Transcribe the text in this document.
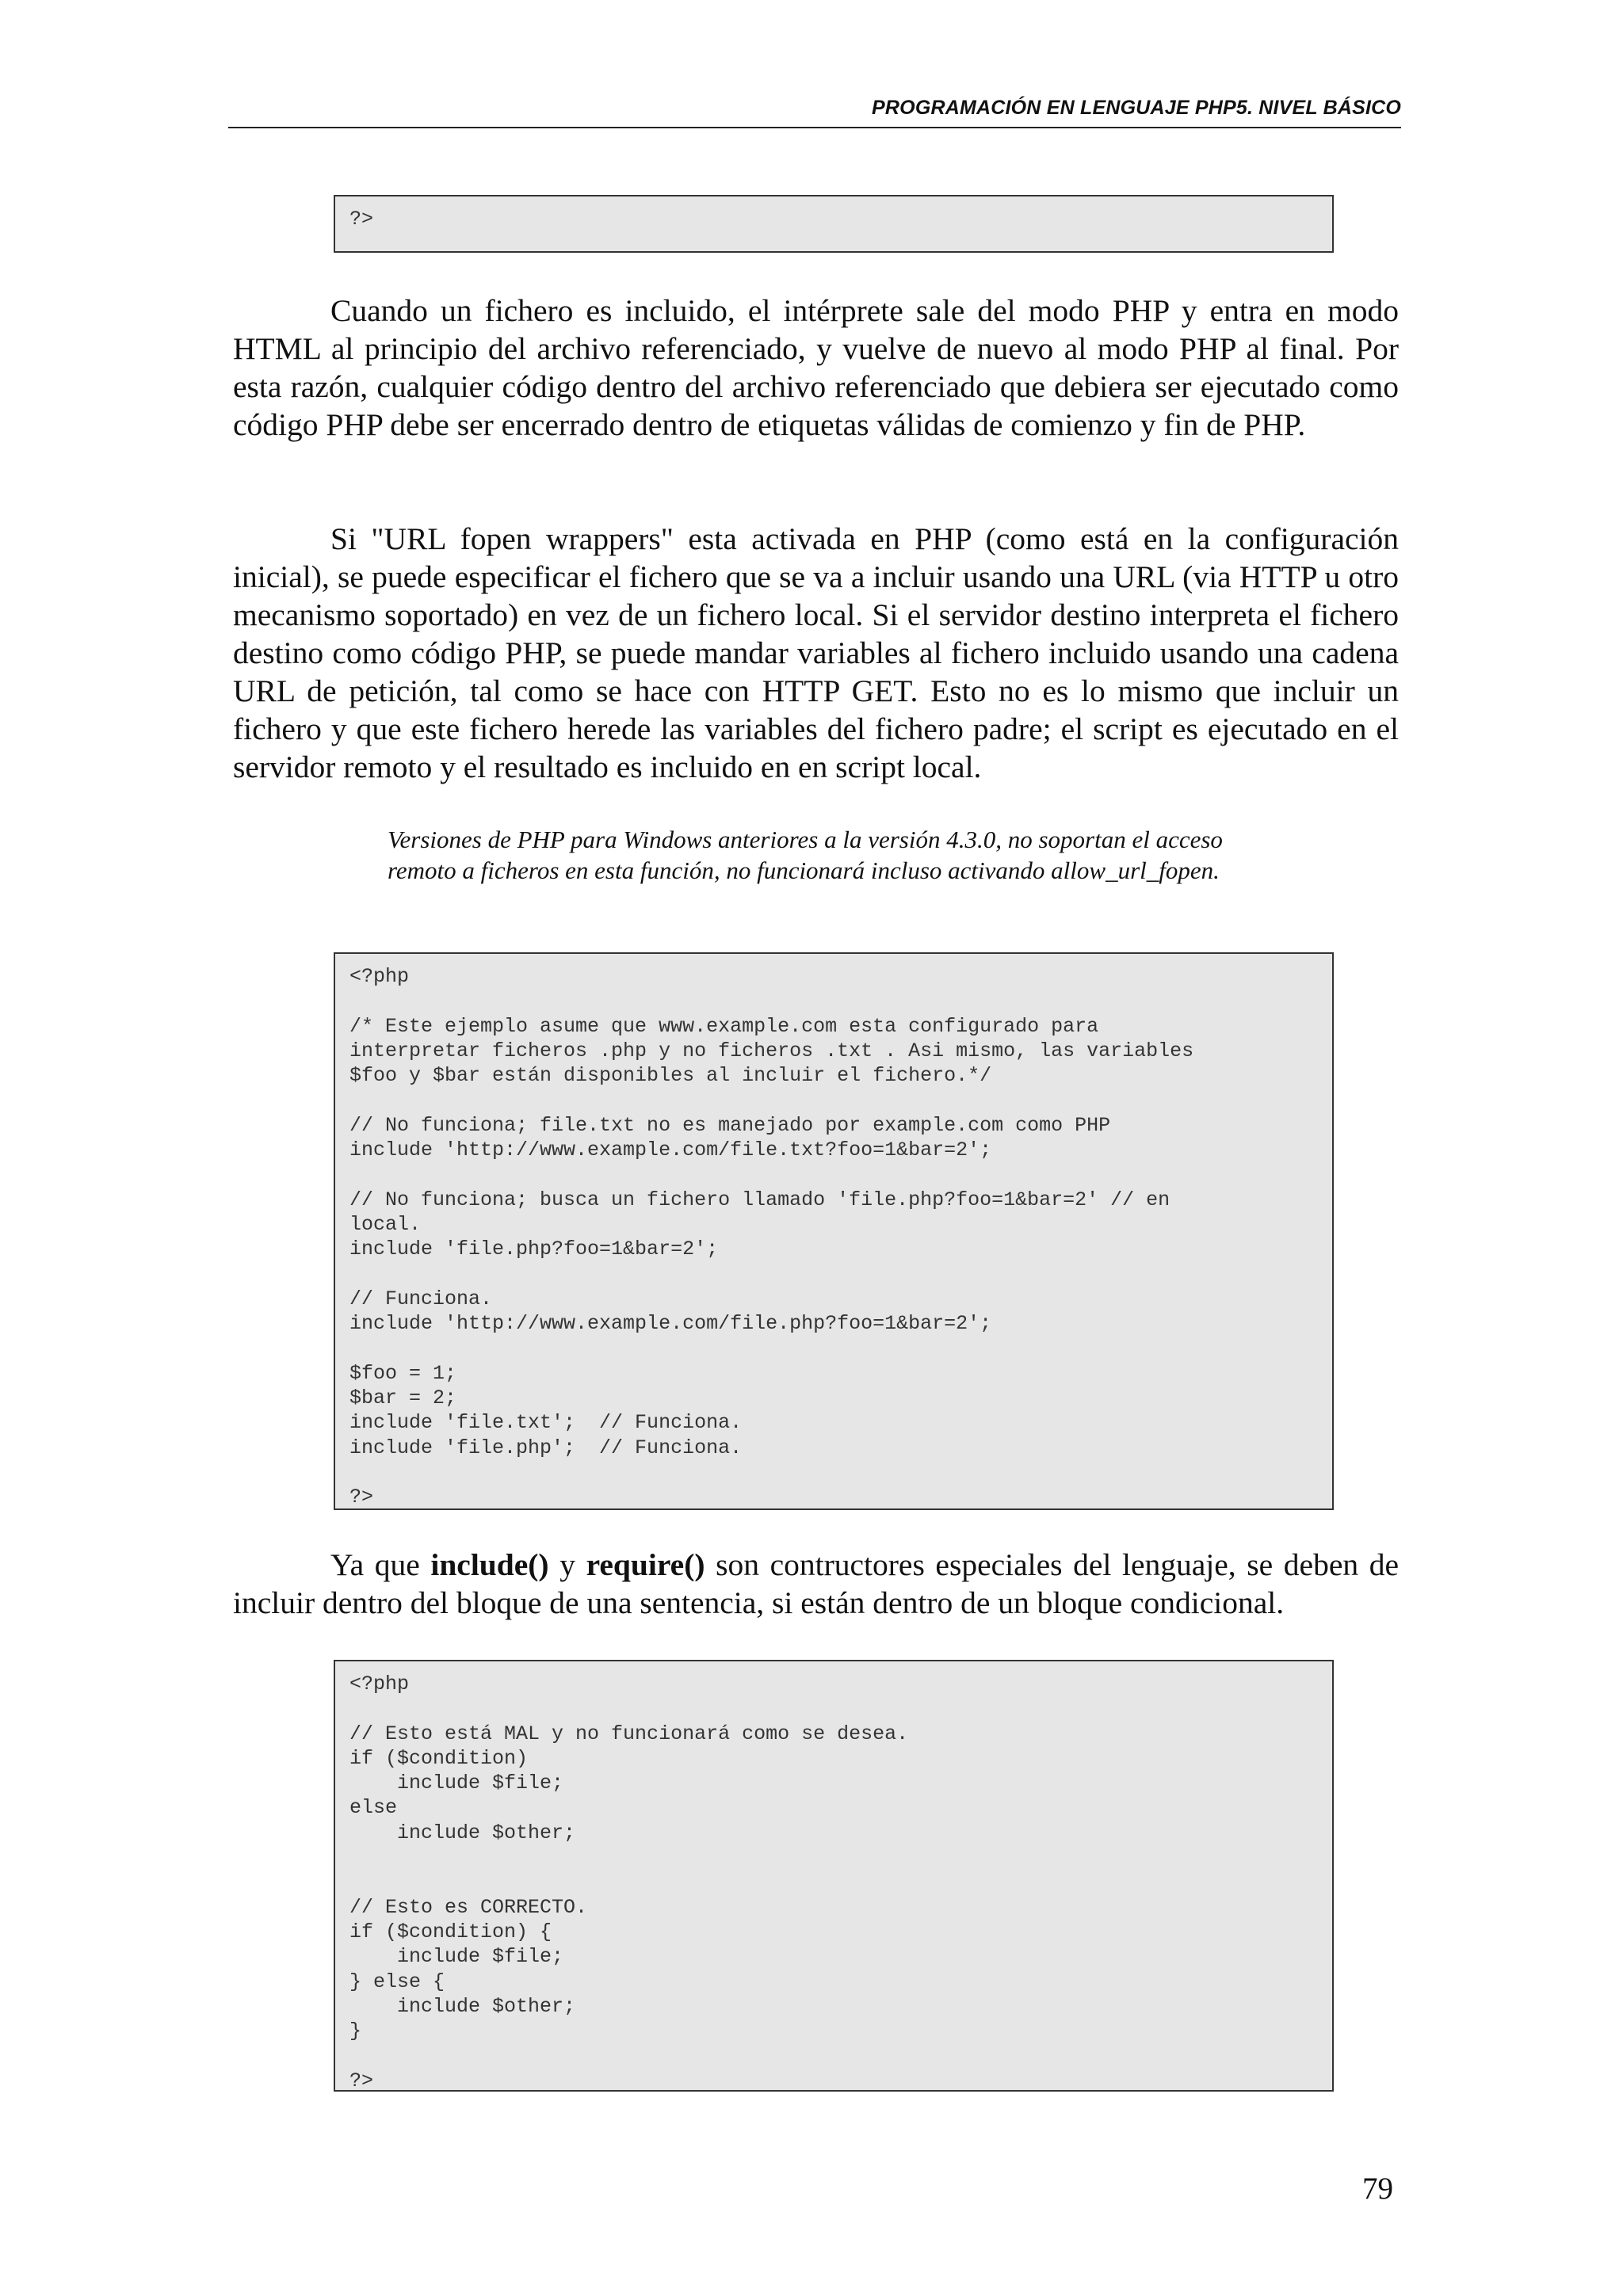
PROGRAMACIÓN EN LENGUAJE PHP5. NIVEL BÁSICO
?>

Cuando un fichero es incluido, el intérprete sale del modo PHP y entra en modo HTML al principio del archivo referenciado, y vuelve de nuevo al modo PHP al final. Por esta razón, cualquier código dentro del archivo referenciado que debiera ser ejecutado como código PHP debe ser encerrado dentro de etiquetas válidas de comienzo y fin de PHP.

Si "URL fopen wrappers" esta activada en PHP (como está en la configuración inicial), se puede especificar el fichero que se va a incluir usando una URL (via HTTP u otro mecanismo soportado) en vez de un fichero local. Si el servidor destino interpreta el fichero destino como código PHP, se puede mandar variables al fichero incluido usando una cadena URL de petición, tal como se hace con HTTP GET. Esto no es lo mismo que incluir un fichero y que este fichero herede las variables del fichero padre; el script es ejecutado en el servidor remoto y el resultado es incluido en en script local.

Versiones de PHP para Windows anteriores a la versión 4.3.0, no soportan el acceso remoto a ficheros en esta función, no funcionará incluso activando allow_url_fopen.

<?php

/* Este ejemplo asume que www.example.com esta configurado para
interpretar ficheros .php y no ficheros .txt . Asi mismo, las variables
$foo y $bar están disponibles al incluir el fichero.*/

// No funciona; file.txt no es manejado por example.com como PHP
include 'http://www.example.com/file.txt?foo=1&bar=2';

// No funciona; busca un fichero llamado 'file.php?foo=1&bar=2' // en
local.
include 'file.php?foo=1&bar=2';

// Funciona.
include 'http://www.example.com/file.php?foo=1&bar=2';

$foo = 1;
$bar = 2;
include 'file.txt';  // Funciona.
include 'file.php';  // Funciona.

?>

Ya que include() y require() son contructores especiales del lenguaje, se deben de incluir dentro del bloque de una sentencia, si están dentro de un bloque condicional.

<?php

// Esto está MAL y no funcionará como se desea.
if ($condition)
include $file;
else
include $other;

// Esto es CORRECTO.
if ($condition) {
include $file;
} else {
include $other;
}

?>
79
